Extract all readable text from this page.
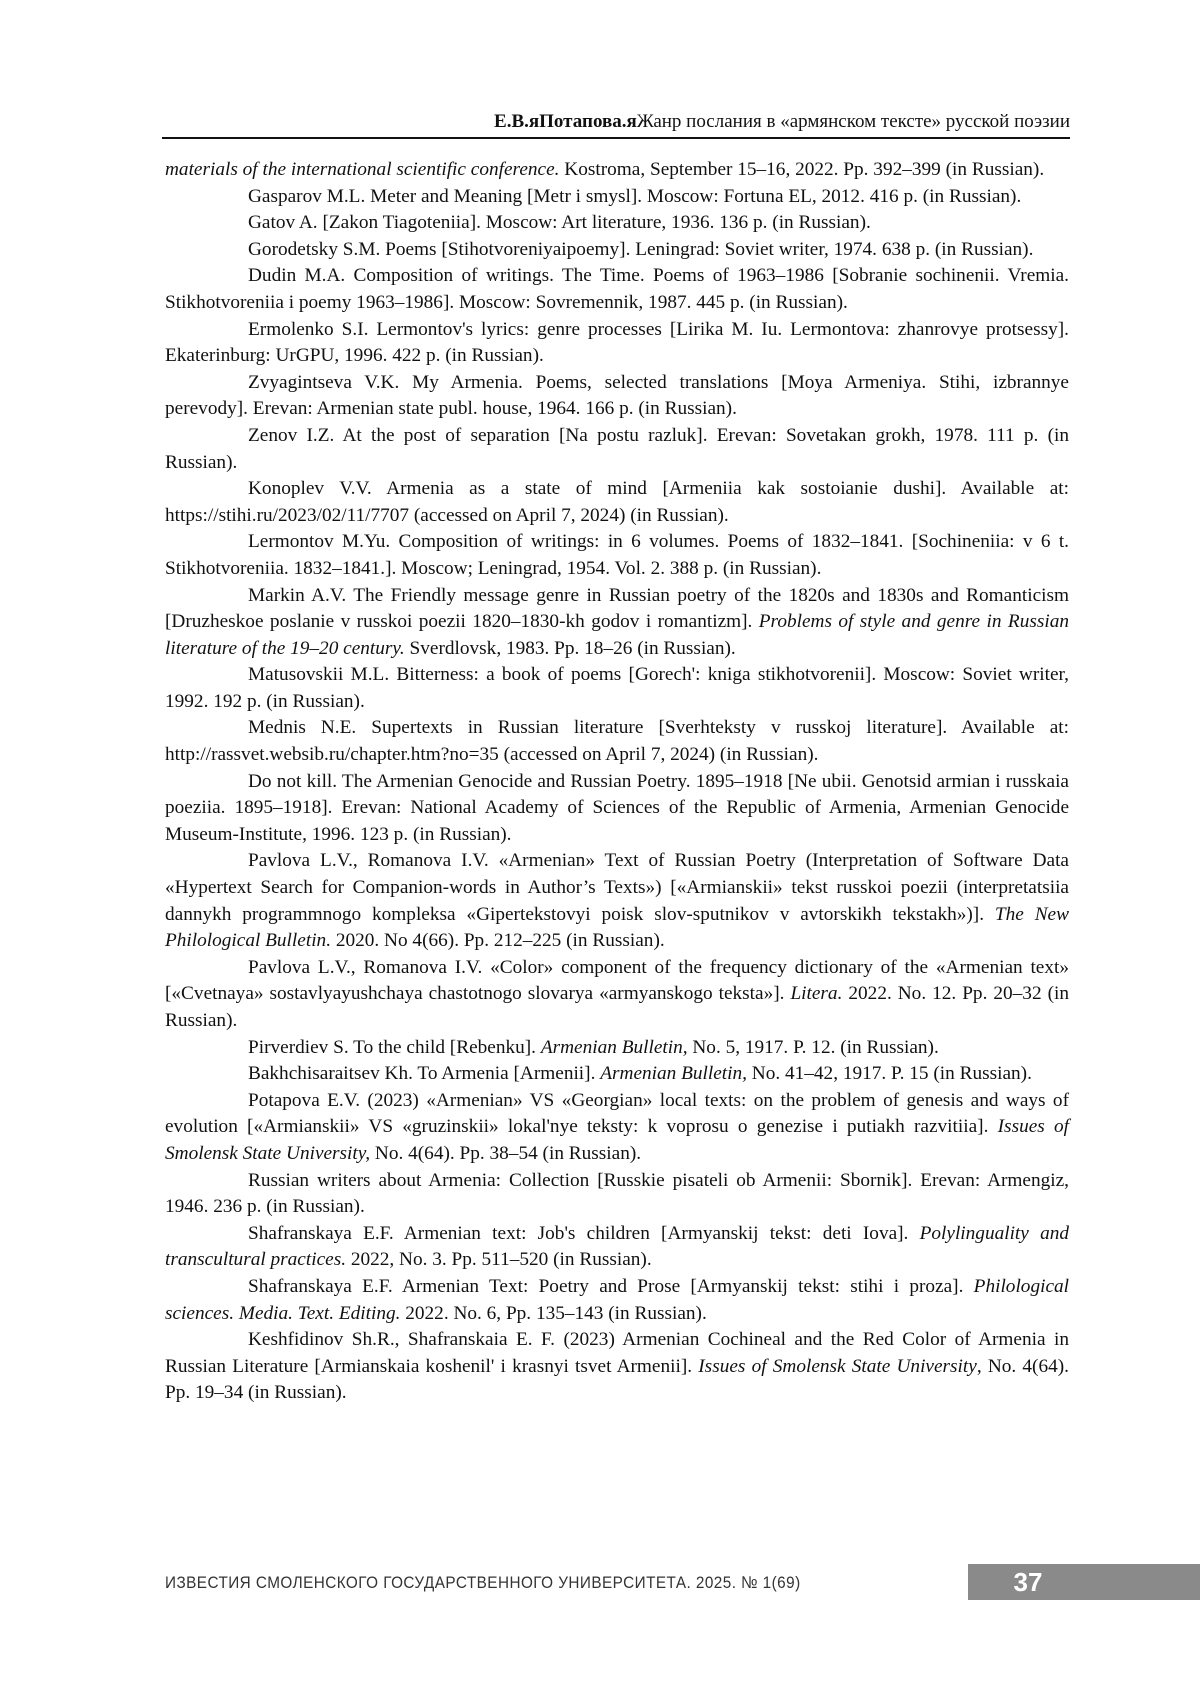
Е.В.яПотапова.яЖанр послания в «армянском тексте» русской поэзии

materials of the international scientific conference. Kostroma, September 15–16, 2022. Pp. 392–399 (in Russian).

Gasparov M.L. Meter and Meaning [Metr i smysl]. Moscow: Fortuna EL, 2012. 416 p. (in Russian).

Gatov A. [Zakon Tiagoteniia]. Moscow: Art literature, 1936. 136 p. (in Russian).

Gorodetsky S.M. Poems [Stihotvoreniyaipoemy]. Leningrad: Soviet writer, 1974. 638 p. (in Russian).

Dudin M.A. Composition of writings. The Time. Poems of 1963–1986 [Sobranie sochinenii. Vremia. Stikhotvoreniia i poemy 1963–1986]. Moscow: Sovremennik, 1987. 445 p. (in Russian).

Ermolenko S.I. Lermontov's lyrics: genre processes [Lirika M. Iu. Lermontova: zhanrovye protsessy]. Ekaterinburg: UrGPU, 1996. 422 p. (in Russian).

Zvyagintseva V.K. My Armenia. Poems, selected translations [Moya Armeniya. Stihi, izbrannye perevody]. Erevan: Armenian state publ. house, 1964. 166 p. (in Russian).

Zenov I.Z. At the post of separation [Na postu razluk]. Erevan: Sovetakan grokh, 1978. 111 p. (in Russian).

Konoplev V.V. Armenia as a state of mind [Armeniia kak sostoianie dushi]. Available at: https://stihi.ru/2023/02/11/7707 (accessed on April 7, 2024) (in Russian).

Lermontov M.Yu. Composition of writings: in 6 volumes. Poems of 1832–1841. [Sochineniia: v 6 t. Stikhotvoreniia. 1832–1841.]. Moscow; Leningrad, 1954. Vol. 2. 388 p. (in Russian).

Markin A.V. The Friendly message genre in Russian poetry of the 1820s and 1830s and Romanticism [Druzheskoe poslanie v russkoi poezii 1820–1830-kh godov i romantizm]. Problems of style and genre in Russian literature of the 19–20 century. Sverdlovsk, 1983. Pp. 18–26 (in Russian).

Matusovskii M.L. Bitterness: a book of poems [Gorech': kniga stikhotvorenii]. Moscow: Soviet writer, 1992. 192 p. (in Russian).

Mednis N.E. Supertexts in Russian literature [Sverhteksty v russkoj literature]. Available at: http://rassvet.websib.ru/chapter.htm?no=35 (accessed on April 7, 2024) (in Russian).

Do not kill. The Armenian Genocide and Russian Poetry. 1895–1918 [Ne ubii. Genotsid armian i russkaia poeziia. 1895–1918]. Erevan: National Academy of Sciences of the Republic of Armenia, Armenian Genocide Museum-Institute, 1996. 123 p. (in Russian).

Pavlova L.V., Romanova I.V. «Armenian» Text of Russian Poetry (Interpretation of Software Data «Hypertext Search for Companion-words in Author’s Texts») [«Armianskii» tekst russkoi poezii (interpretatsiia dannykh programmnogo kompleksa «Gipertekstovyi poisk slov-sputnikov v avtorskikh tekstakh»)]. The New Philological Bulletin. 2020. No 4(66). Pp. 212–225 (in Russian).

Pavlova L.V., Romanova I.V. «Color» component of the frequency dictionary of the «Armenian text» [«Cvetnaya» sostavlyayushchaya chastotnogo slovarya «armyanskogo teksta»]. Litera. 2022. No. 12. Pp. 20–32 (in Russian).

Pirverdiev S. To the child [Rebenku]. Armenian Bulletin, No. 5, 1917. P. 12. (in Russian).

Bakhchisaraitsev Kh. To Armenia [Armenii]. Armenian Bulletin, No. 41–42, 1917. P. 15 (in Russian).

Potapova E.V. (2023) «Armenian» VS «Georgian» local texts: on the problem of genesis and ways of evolution [«Armianskii» VS «gruzinskii» lokal'nye teksty: k voprosu o genezise i putiakh razvitiia]. Issues of Smolensk State University, No. 4(64). Pp. 38–54 (in Russian).

Russian writers about Armenia: Collection [Russkie pisateli ob Armenii: Sbornik]. Erevan: Armengiz, 1946. 236 p. (in Russian).

Shafranskaya E.F. Armenian text: Job's children [Armyanskij tekst: deti Iova]. Polylinguality and transcultural practices. 2022, No. 3. Pp. 511–520 (in Russian).

Shafranskaya E.F. Armenian Text: Poetry and Prose [Armyanskij tekst: stihi i proza]. Philological sciences. Media. Text. Editing. 2022. No. 6, Pp. 135–143 (in Russian).

Keshfidinov Sh.R., Shafranskaia E. F. (2023) Armenian Cochineal and the Red Color of Armenia in Russian Literature [Armianskaia koshenil' i krasnyi tsvet Armenii]. Issues of Smolensk State University, No. 4(64). Pp. 19–34 (in Russian).

ИЗВЕСТИЯ СМОЛЕНСКОГО ГОСУДАРСТВЕННОГО УНИВЕРСИТЕТА. 2025. № 1(69)	37
